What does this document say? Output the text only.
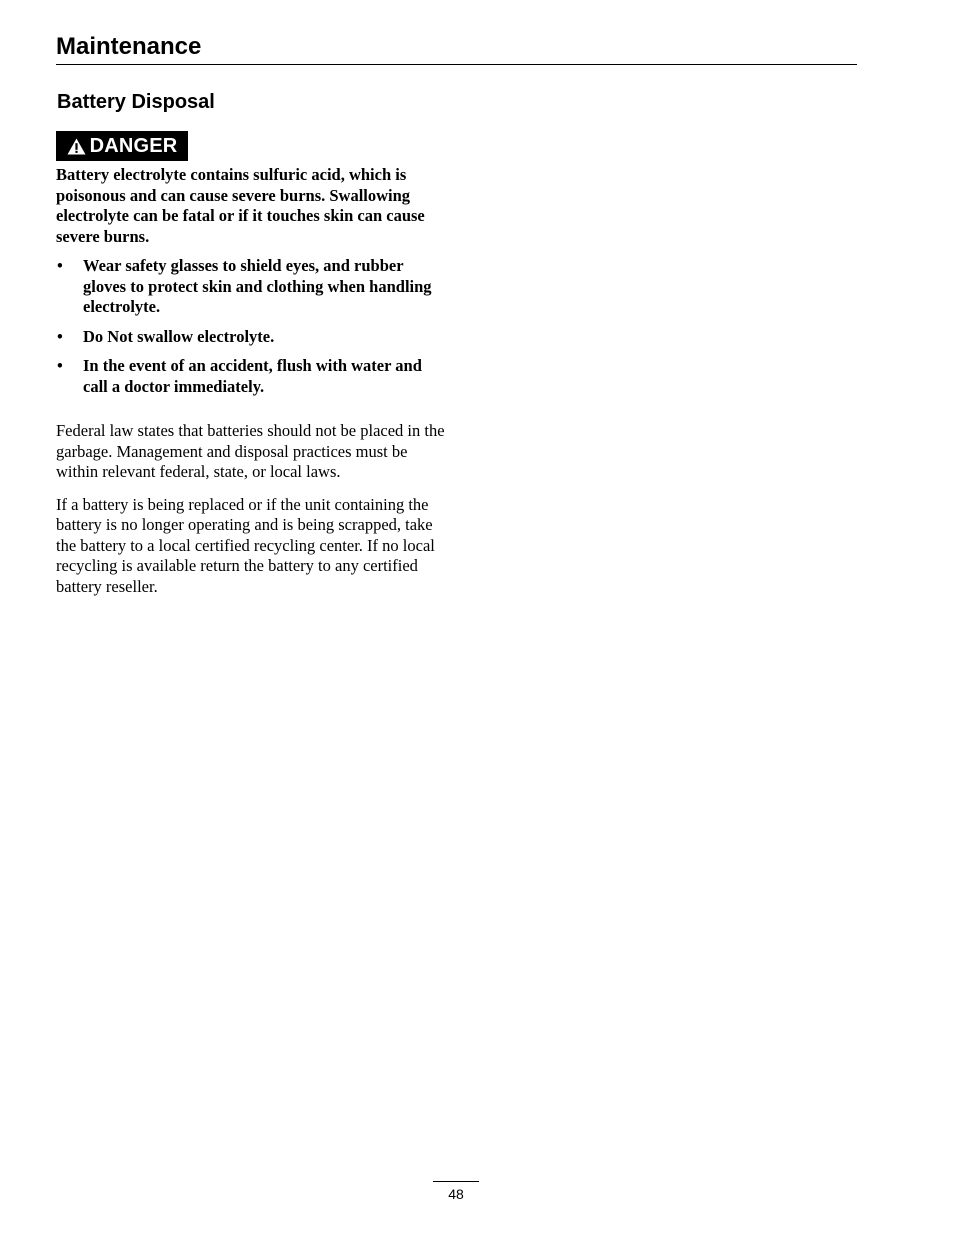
Maintenance
Battery Disposal
DANGER

Battery electrolyte contains sulfuric acid, which is poisonous and can cause severe burns. Swallowing electrolyte can be fatal or if it touches skin can cause severe burns.

• Wear safety glasses to shield eyes, and rubber gloves to protect skin and clothing when handling electrolyte.
• Do Not swallow electrolyte.
• In the event of an accident, flush with water and call a doctor immediately.

Federal law states that batteries should not be placed in the garbage. Management and disposal practices must be within relevant federal, state, or local laws.

If a battery is being replaced or if the unit containing the battery is no longer operating and is being scrapped, take the battery to a local certified recycling center. If no local recycling is available return the battery to any certified battery reseller.

48
